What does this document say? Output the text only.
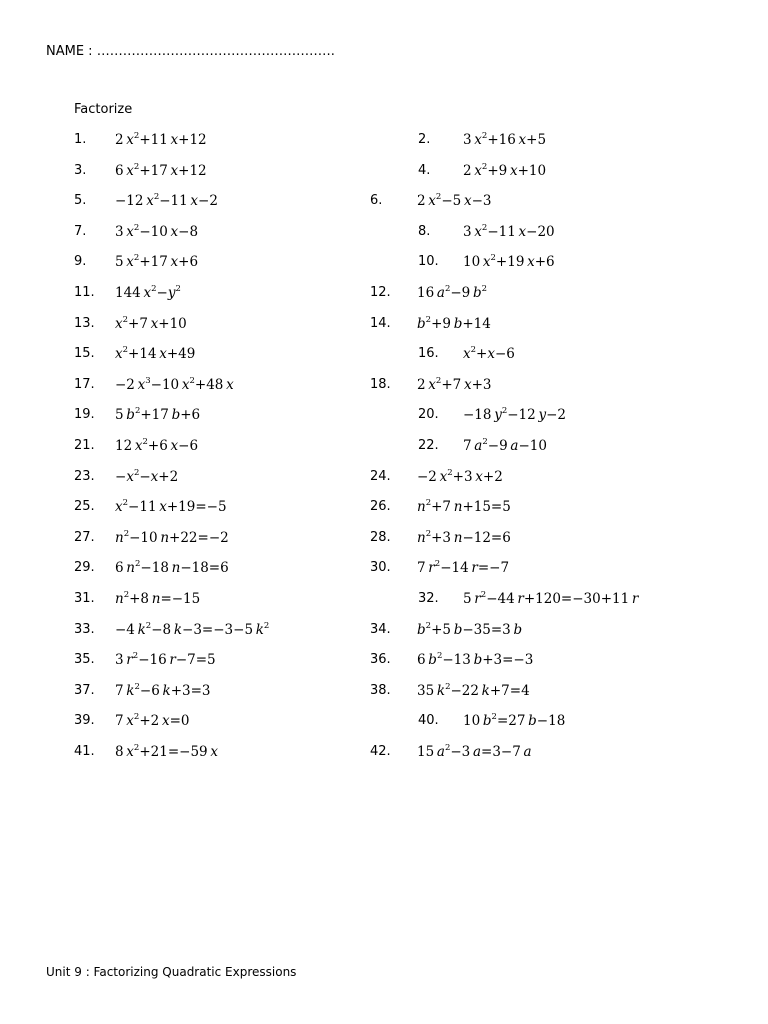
NAME : ……………………………………………….
Factorize
1. 2 $x^2+11$ x+12	2. 3 $x^2+16$ x+5
3. 6 $x^2+17$ x+12	4. 2 $x^2+9$ x+10
5. −12 $x^2-11$ x−2	6.	2 $x^2-5$ x−3
7. 3 $x^2-10$ x−8	8. 3 $x^2-11$ x−20
9. 5 $x^2+17$ x+6	10. 10 $x^2+19$ x+6
11. 144 $x^2-y^2$	12. 16 $a^2-9$ $b^2$
13. $x^2+7$ x+10	14. $b^2+9$ b+14
15. $x^2+14$ x+49	16. $x^2+x-6$
17. −2 $x^3-10$ $x^2+48$ x	18. 2 $x^2+7$ x+3
19. 5 $b^2+17$ b+6	20. −18 $y^2-12$ y−2
21. 12 $x^2+6$ x−6	22. 7 $a^2-9$ a−10
23. $-x^2-x+2$	24. −2 $x^2+3$ x+2
25. $x^2-11$ x+19=−5	26. $n^2+7$ n+15=5
27. $n^2-10$ n+22=−2	28. $n^2+3$ n−12=6
29. 6 $n^2-18$ n−18=6	30. 7 $r^2-14$ r=−7
31. $n^2+8$ n=−15	32. 5 $r^2-44$ r+120=−30+11 r
33. −4 $k^2-8$ k−3=−3−5 $k^2$	34. $b^2+5$ b−35=3 b
35. 3 $r^2-16$ r−7=5	36. 6 $b^2-13$ b+3=−3
37. 7 $k^2-6$ k+3=3	38. 35 $k^2-22$ k+7=4
39. 7 $x^2+2$ x=0	40. 10 $b^2=27$ b−18
41. 8 $x^2+21=-59$ x	42. 15 $a^2-3$ a=3−7 a
Unit 9 : Factorizing Quadratic Expressions
